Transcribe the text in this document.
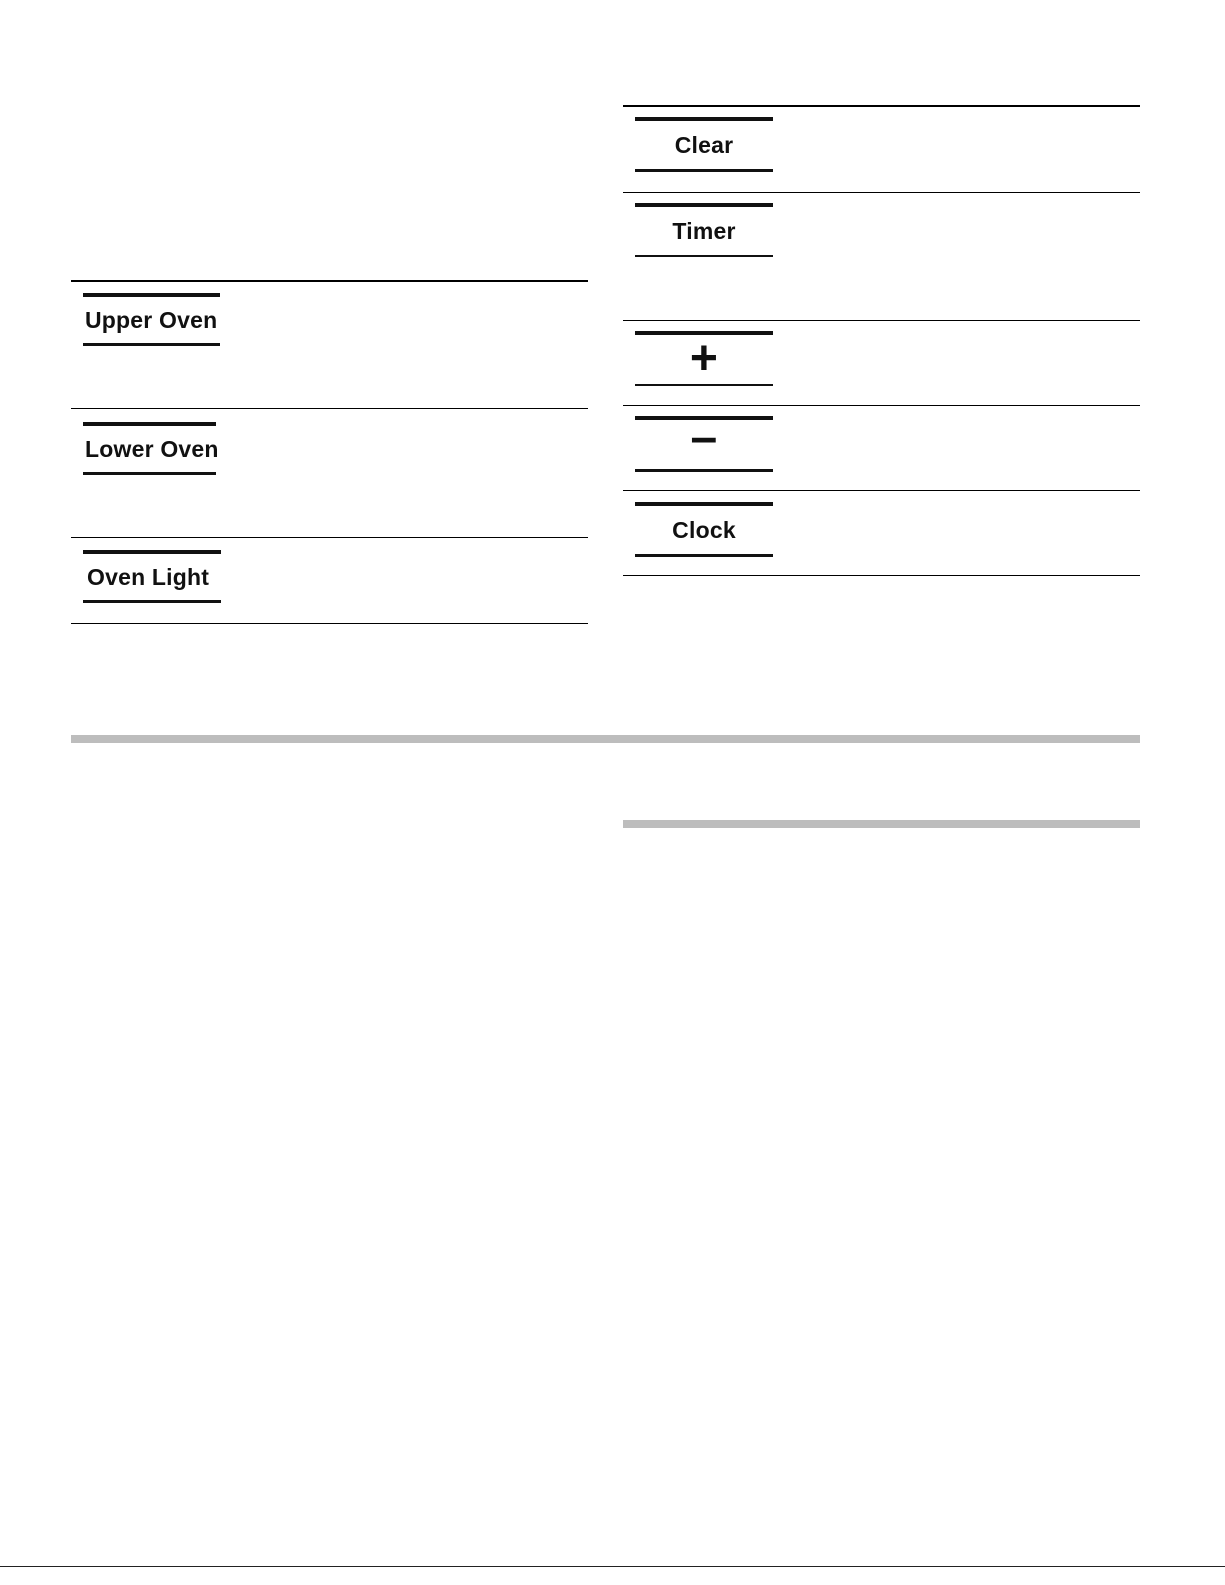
Upper Oven
Lower Oven
Oven Light
Clear
Timer
+
–
Clock
